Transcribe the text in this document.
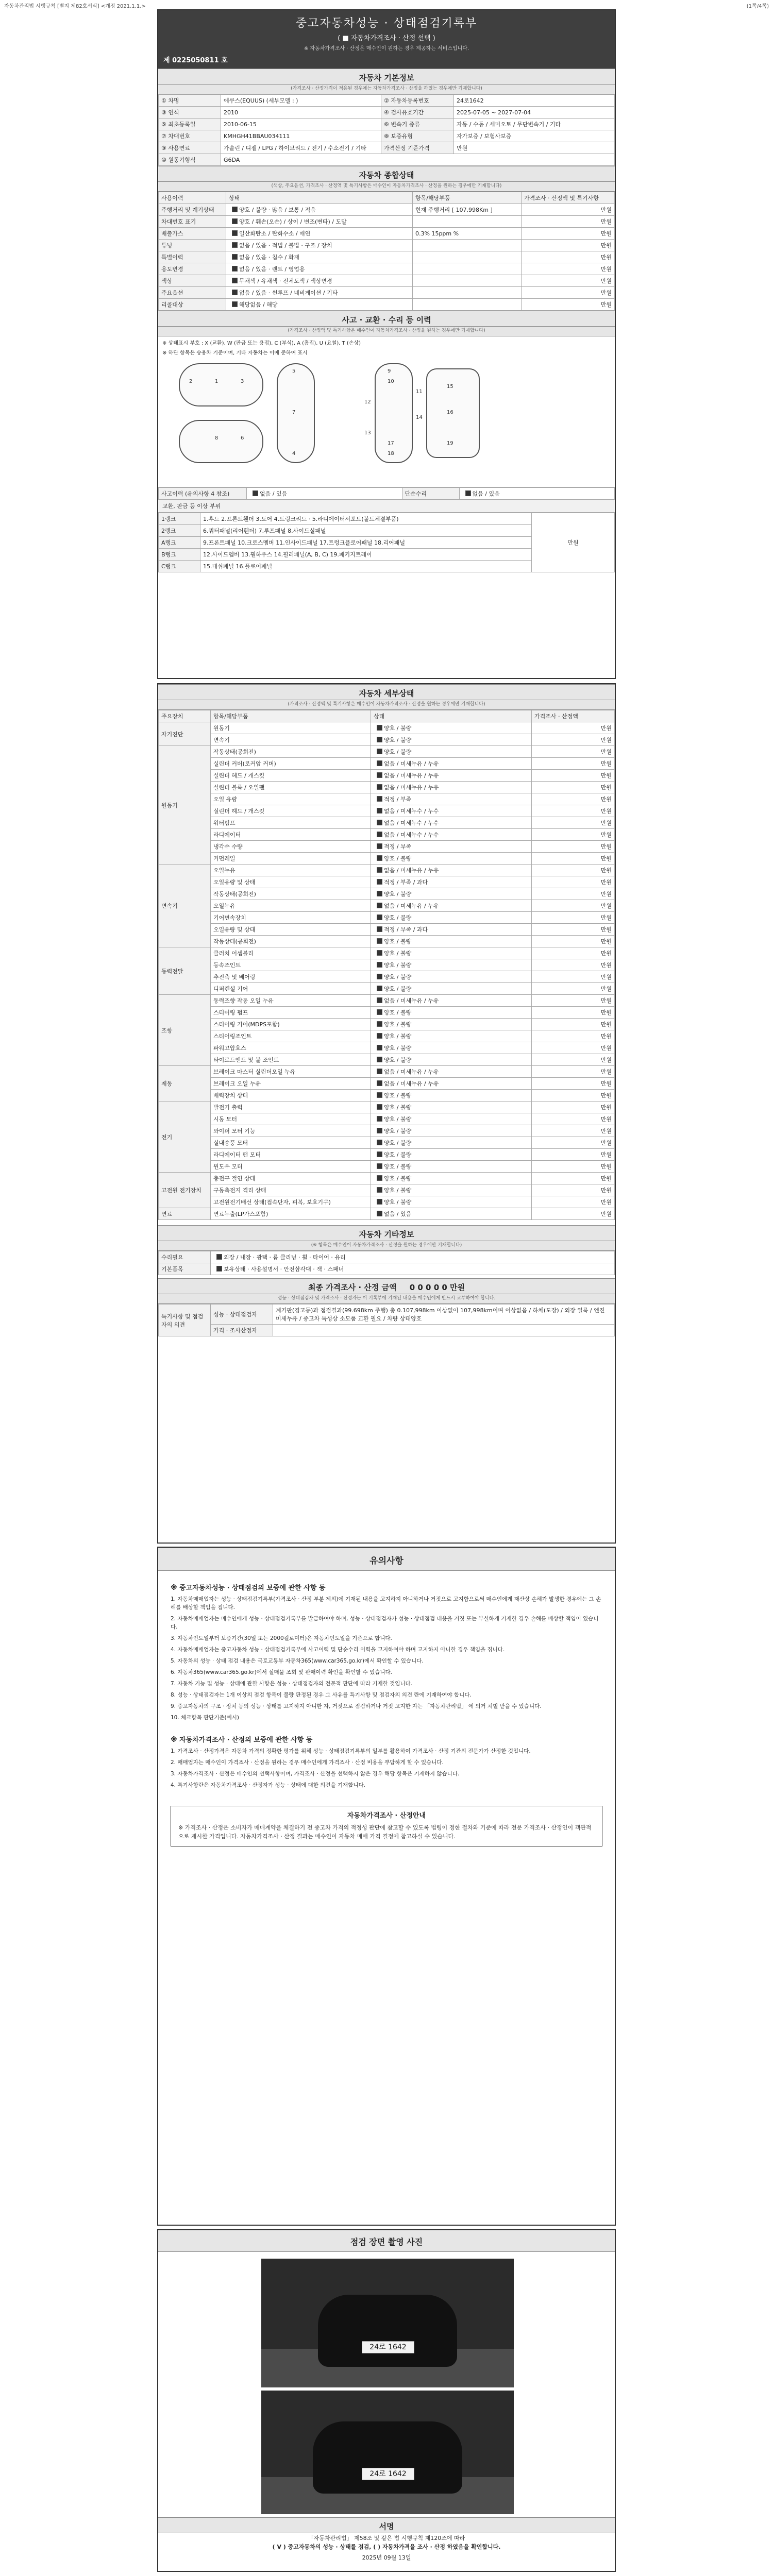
자동차관리법 시행규칙 [별지 제82호서식] <개정 2021.1.1.>	(1쪽/4쪽)
중고자동차성능 · 상태점검기록부
( ■ 자동차가격조사 · 산정 선택 )
※ 자동차가격조사 · 산정은 매수인이 원하는 경우 제공하는 서비스입니다.
제 0225050811 호
자동차 기본정보
(가격조사 · 산정가격이 적용된 경우에는 자동차가격조사 · 산정을 하였는 경우에만 기재합니다)
① 차명	에쿠스(EQUUS) (세부모델 : )	② 자동차등록번호	24로1642
③ 연식	2010	④ 검사유효기간	2025-07-05 ~ 2027-07-04
⑤ 최초등록일	2010-06-15	⑥ 변속기 종류	자동 / 수동 / 세미오토 / 무단변속기 / 기타
⑦ 차대번호	KMHGH41BBAU034111	⑧ 보증유형	자가보증 / 보험사보증
⑨ 사용연료	가솔린 / 디젤 / LPG / 하이브리드 / 전기 / 수소전기 / 기타	가격산정 기준가격	만원
⑩ 원동기형식	G6DA		
자동차 종합상태
(색상, 주요옵션, 가격조사 · 산정액 및 특기사항은 매수인이 자동차가격조사 · 산정을 원하는 경우에만 기재합니다)
사용이력	상태	항목/해당부품	가격조사 · 산정액 및 특기사항
주행거리 및 계기상태	양호 / 불량 · 많음 / 보통 / 적음	현재 주행거리 [ 107,998Km ]	만원
차대번호 표기	양호 / 훼손(오손) / 상이 / 변조(변타) / 도말		만원
배출가스	일산화탄소 / 탄화수소 / 매연	0.3% 15ppm %	만원
튜닝	없음 / 있음 · 적법 / 불법 · 구조 / 장치		만원
특별이력	없음 / 있음 · 침수 / 화재		만원
용도변경	없음 / 있음 · 렌트 / 영업용		만원
색상	무채색 / 유채색 · 전체도색 / 색상변경		만원
주요옵션	없음 / 있음 · 썬루프 / 네비게이션 / 기타		만원
리콜대상	해당없음 / 해당		만원
사고 · 교환 · 수리 등 이력
(가격조사 · 산정액 및 특기사항은 매수인이 자동차가격조사 · 산정을 원하는 경우에만 기재합니다)
※ 상태표시 부호 : X (교환), W (판금 또는 용접), C (부식), A (흠집), U (요철), T (손상)
※ 하단 항목은 승용차 기준이며, 기타 자동차는 이에 준하여 표시
1
2	3
4
5
6
7
8
9
10
11
12
13
14
15
16
17
18
19
사고이력 (유의사항 4 참조)	없음 / 있음	단순수리	없음 / 있음
교환, 판금 등 이상 부위
1랭크	1.후드 2.프론트휀더 3.도어 4.트렁크리드 · 5.라디에이터서포트(볼트체결부품)	만원
2랭크	6.쿼터패널(리어휀더) 7.루프패널 8.사이드실패널	
A랭크	9.프론트패널 10.크로스멤버 11.인사이드패널 17.트렁크플로어패널 18.리어패널	
B랭크	12.사이드멤버 13.휠하우스 14.필러패널(A, B, C) 19.패키지트레이	
C랭크	15.대쉬패널 16.플로어패널	
자동차 세부상태
(가격조사 · 산정액 및 특기사항은 매수인이 자동차가격조사 · 산정을 원하는 경우에만 기재합니다)
주요장치	항목/해당부품	상태	가격조사 · 산정액
자기진단	원동기	양호 / 불량	만원
	변속기	양호 / 불량	만원
원동기	작동상태(공회전)	양호 / 불량	만원
	실린더 커버(로커암 커버)	없음 / 미세누유 / 누유	만원
	실린더 헤드 / 개스킷	없음 / 미세누유 / 누유	만원
	실린더 블록 / 오일팬	없음 / 미세누유 / 누유	만원
	오일 유량	적정 / 부족	만원
	실린더 헤드 / 개스킷	없음 / 미세누수 / 누수	만원
	워터펌프	없음 / 미세누수 / 누수	만원
	라디에이터	없음 / 미세누수 / 누수	만원
	냉각수 수량	적정 / 부족	만원
	커먼레일	양호 / 불량	만원
변속기	오일누유	없음 / 미세누유 / 누유	만원
	오일유량 및 상태	적정 / 부족 / 과다	만원
	작동상태(공회전)	양호 / 불량	만원
	오일누유	없음 / 미세누유 / 누유	만원
	기어변속장치	양호 / 불량	만원
	오일유량 및 상태	적정 / 부족 / 과다	만원
	작동상태(공회전)	양호 / 불량	만원
동력전달	클러치 어셈블리	양호 / 불량	만원
	등속조인트	양호 / 불량	만원
	추진축 및 베어링	양호 / 불량	만원
	디퍼렌셜 기어	양호 / 불량	만원
조향	동력조향 작동 오일 누유	없음 / 미세누유 / 누유	만원
	스티어링 펌프	양호 / 불량	만원
	스티어링 기어(MDPS포함)	양호 / 불량	만원
	스티어링조인트	양호 / 불량	만원
	파워고압호스	양호 / 불량	만원
	타이로드엔드 및 볼 조인트	양호 / 불량	만원
제동	브레이크 마스터 실린더오일 누유	없음 / 미세누유 / 누유	만원
	브레이크 오일 누유	없음 / 미세누유 / 누유	만원
	배력장치 상태	양호 / 불량	만원
전기	발전기 출력	양호 / 불량	만원
	시동 모터	양호 / 불량	만원
	와이퍼 모터 기능	양호 / 불량	만원
	실내송풍 모터	양호 / 불량	만원
	라디에이터 팬 모터	양호 / 불량	만원
	윈도우 모터	양호 / 불량	만원
고전원 전기장치	충전구 절연 상태	양호 / 불량	만원
	구동축전지 격리 상태	양호 / 불량	만원
	고전원전기배선 상태(접속단자, 피복, 보호기구)	양호 / 불량	만원
연료	연료누출(LP가스포함)	없음 / 있음	만원
자동차 기타정보
(※ 항목은 매수인이 자동차가격조사 · 산정을 원하는 경우에만 기재합니다)
수리필요	외장 / 내장 · 광택 · 룸 클리닝 · 휠 · 타이어 · 유리
기본품목	보유상태 · 사용설명서 · 안전삼각대 · 잭 · 스패너
최종 가격조사 · 산정 금액 0 0 0 0 0 만원
성능 · 상태점검자 및 가격조사 · 산정자는 이 기록부에 기재된 내용을 매수인에게 반드시 교부하여야 합니다.
특기사항 및 점검자의 의견	성능 · 상태점검자	계기판(경고등)과 점검결과(99.698km 주행) 총 0.107,998km 이상없이 107,998km이며 이상없음 / 하체(도장) / 외장 얼룩 / 엔진 미세누유 / 중고차 특성상 소모품 교환 필요 / 차량 상태양호
	가격 · 조사산정자	
유의사항
※ 중고자동차성능 · 상태점검의 보증에 관한 사항 등

1. 자동차매매업자는 성능 · 상태점검기록부(가격조사 · 산정 부분 제외)에 기재된 내용을 고지하지 아니하거나 거짓으로 고지함으로써 매수인에게 재산상 손해가 발생한 경우에는 그 손해를 배상할 책임을 집니다.

2. 자동차매매업자는 매수인에게 성능 · 상태점검기록부를 발급하여야 하며, 성능 · 상태점검자가 성능 · 상태점검 내용을 거짓 또는 부실하게 기재한 경우 손해를 배상할 책임이 있습니다.

3. 자동차인도일부터 보증기간(30일 또는 2000킬로미터)은 자동차인도일을 기준으로 합니다.

4. 자동차매매업자는 중고자동차 성능 · 상태점검기록부에 사고이력 및 단순수리 이력을 고지하여야 하며 고지하지 아니한 경우 책임을 집니다.

5. 자동차의 성능 · 상태 점검 내용은 국토교통부 자동차365(www.car365.go.kr)에서 확인할 수 있습니다.

6. 자동차365(www.car365.go.kr)에서 실매물 조회 및 판매이력 확인을 확인할 수 있습니다.

7. 자동차 기능 및 성능 · 상태에 관한 사항은 성능 · 상태점검자의 전문적 판단에 따라 기재한 것입니다.

8. 성능 · 상태점검자는 1개 이상의 점검 항목이 불량 판정된 경우 그 사유를 특기사항 및 점검자의 의견 란에 기재하여야 합니다.

9. 중고자동차의 구조 · 장치 등의 성능 · 상태를 고지하지 아니한 자, 거짓으로 점검하거나 거짓 고지한 자는 「자동차관리법」 에 의거 처벌 받을 수 있습니다.

10. 체크항목 판단기준(예시)

※ 자동차가격조사 · 산정의 보증에 관한 사항 등

1. 가격조사 · 산정가격은 자동차 가격의 정확한 평가를 위해 성능 · 상태점검기록부의 일부를 활용하여 가격조사 · 산정 기관의 전문가가 산정한 것입니다.

2. 매매업자는 매수인이 가격조사 · 산정을 원하는 경우 매수인에게 가격조사 · 산정 비용을 부담하게 할 수 있습니다.

3. 자동차가격조사 · 산정은 매수인의 선택사항이며, 가격조사 · 산정을 선택하지 않은 경우 해당 항목은 기재하지 않습니다.

4. 특기사항란은 자동차가격조사 · 산정자가 성능 · 상태에 대한 의견을 기재합니다.

자동차가격조사 · 산정안내
※ 가격조사 · 산정은 소비자가 매매계약을 체결하기 전 중고차 가격의 적정성 판단에 참고할 수 있도록 법령이 정한 절차와 기준에 따라 전문 가격조사 · 산정인이 객관적으로 제시한 가격입니다. 자동차가격조사 · 산정 결과는 매수인이 자동차 매매 가격 결정에 참고하실 수 있습니다.
점검 장면 촬영 사진
24로 1642
24로 1642
서명
「자동차관리법」 제58조 및 같은 법 시행규칙 제120조에 따라
( V ) 중고자동차의 성능 · 상태를 점검, ( ) 자동차가격을 조사 · 산정 하였음을 확인합니다.
2025년 09월 13일
